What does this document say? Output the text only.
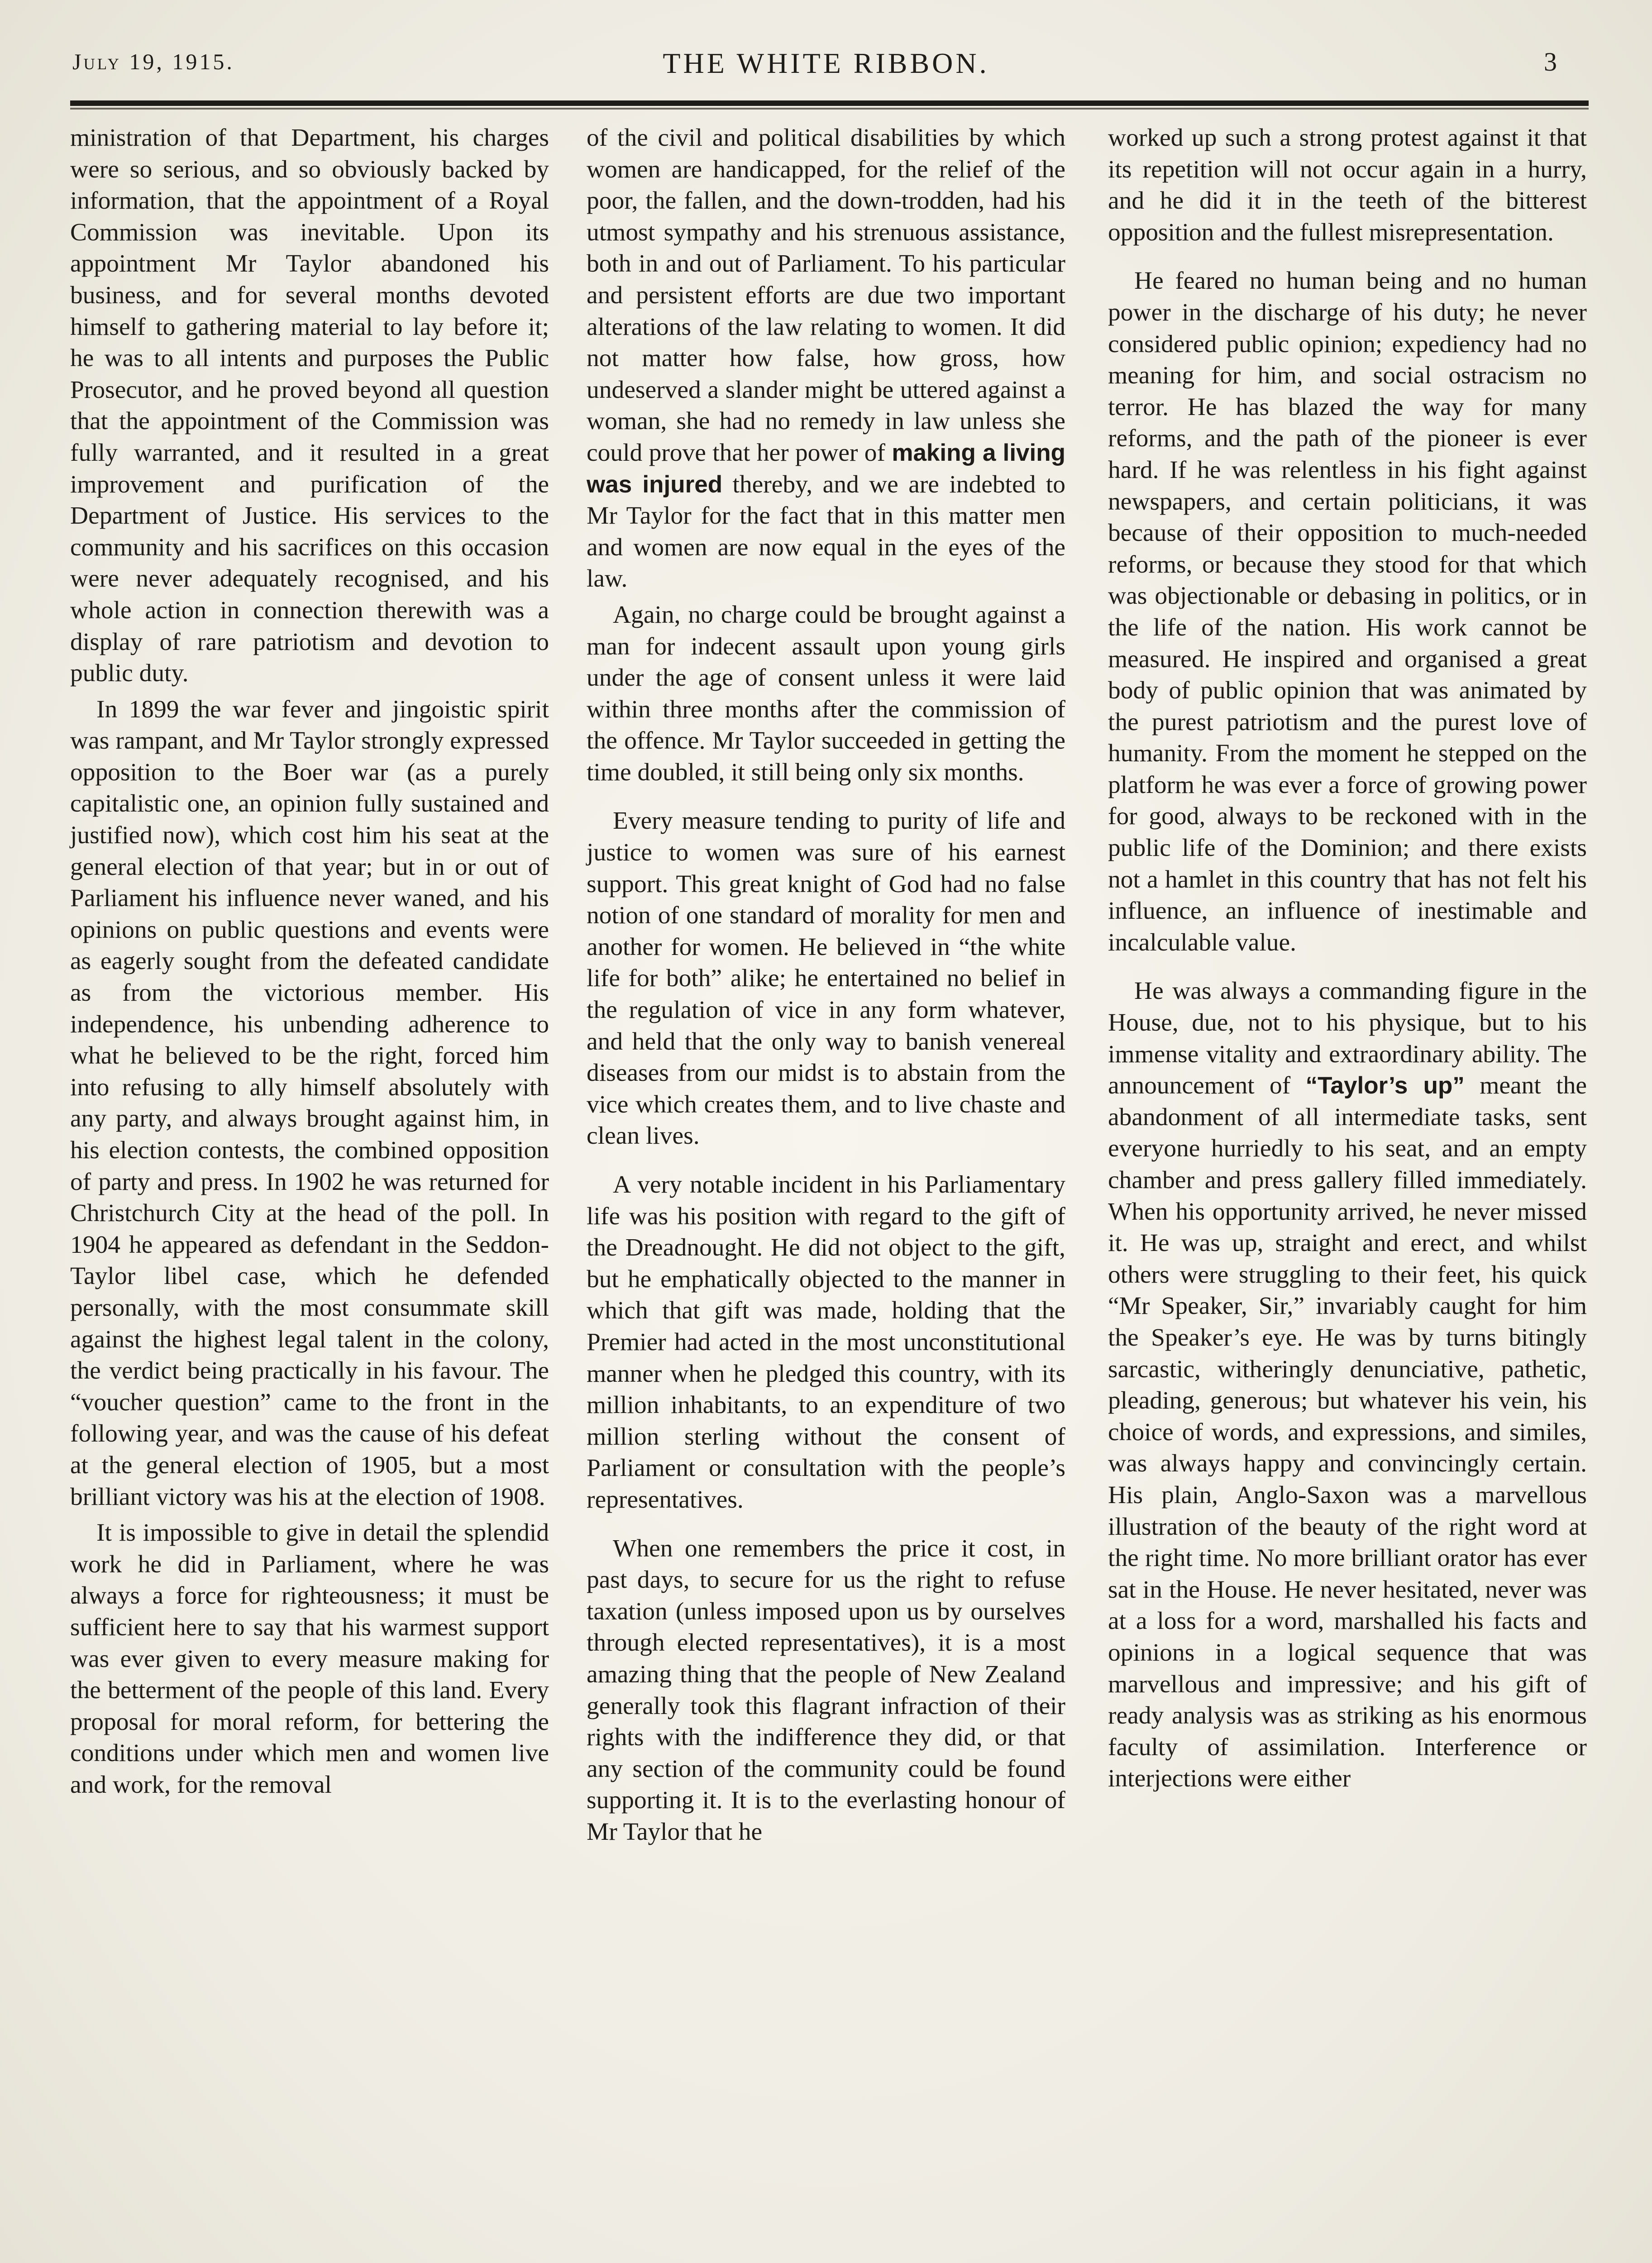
July 19, 1915.	THE WHITE RIBBON.	3

ministration of that Department, his charges were so serious, and so obviously backed by information, that the appointment of a Royal Commission was inevitable. Upon its appointment Mr Taylor abandoned his business, and for several months devoted himself to gathering material to lay before it; he was to all intents and purposes the Public Prosecutor, and he proved beyond all question that the appointment of the Commission was fully warranted, and it resulted in a great improvement and purification of the Department of Justice. His services to the community and his sacrifices on this occasion were never adequately recognised, and his whole action in connection therewith was a display of rare patriotism and devotion to public duty.

In 1899 the war fever and jingoistic spirit was rampant, and Mr Taylor strongly expressed opposition to the Boer war (as a purely capitalistic one, an opinion fully sustained and justified now), which cost him his seat at the general election of that year; but in or out of Parliament his influence never waned, and his opinions on public questions and events were as eagerly sought from the defeated candidate as from the victorious member. His independence, his unbending adherence to what he believed to be the right, forced him into refusing to ally himself absolutely with any party, and always brought against him, in his election contests, the combined opposition of party and press. In 1902 he was returned for Christchurch City at the head of the poll. In 1904 he appeared as defendant in the Seddon-Taylor libel case, which he defended personally, with the most consummate skill against the highest legal talent in the colony, the verdict being practically in his favour. The “voucher question” came to the front in the following year, and was the cause of his defeat at the general election of 1905, but a most brilliant victory was his at the election of 1908.

It is impossible to give in detail the splendid work he did in Parliament, where he was always a force for righteousness; it must be sufficient here to say that his warmest support was ever given to every measure making for the betterment of the people of this land. Every proposal for moral reform, for bettering the conditions under which men and women live and work, for the removal

of the civil and political disabilities by which women are handicapped, for the relief of the poor, the fallen, and the down-trodden, had his utmost sympathy and his strenuous assistance, both in and out of Parliament. To his particular and persistent efforts are due two important alterations of the law relating to women. It did not matter how false, how gross, how undeserved a slander might be uttered against a woman, she had no remedy in law unless she could prove that her power of making a living was injured thereby, and we are indebted to Mr Taylor for the fact that in this matter men and women are now equal in the eyes of the law.

Again, no charge could be brought against a man for indecent assault upon young girls under the age of consent unless it were laid within three months after the commission of the offence. Mr Taylor succeeded in getting the time doubled, it still being only six months.

Every measure tending to purity of life and justice to women was sure of his earnest support. This great knight of God had no false notion of one standard of morality for men and another for women. He believed in “the white life for both” alike; he entertained no belief in the regulation of vice in any form whatever, and held that the only way to banish venereal diseases from our midst is to abstain from the vice which creates them, and to live chaste and clean lives.

A very notable incident in his Parliamentary life was his position with regard to the gift of the Dreadnought. He did not object to the gift, but he emphatically objected to the manner in which that gift was made, holding that the Premier had acted in the most unconstitutional manner when he pledged this country, with its million inhabitants, to an expenditure of two million sterling without the consent of Parliament or consultation with the people’s representatives.

When one remembers the price it cost, in past days, to secure for us the right to refuse taxation (unless imposed upon us by ourselves through elected representatives), it is a most amazing thing that the people of New Zealand generally took this flagrant infraction of their rights with the indifference they did, or that any section of the community could be found supporting it. It is to the everlasting honour of Mr Taylor that he

worked up such a strong protest against it that its repetition will not occur again in a hurry, and he did it in the teeth of the bitterest opposition and the fullest misrepresentation.

He feared no human being and no human power in the discharge of his duty; he never considered public opinion; expediency had no meaning for him, and social ostracism no terror. He has blazed the way for many reforms, and the path of the pioneer is ever hard. If he was relentless in his fight against newspapers, and certain politicians, it was because of their opposition to much-needed reforms, or because they stood for that which was objectionable or debasing in politics, or in the life of the nation. His work cannot be measured. He inspired and organised a great body of public opinion that was animated by the purest patriotism and the purest love of humanity. From the moment he stepped on the platform he was ever a force of growing power for good, always to be reckoned with in the public life of the Dominion; and there exists not a hamlet in this country that has not felt his influence, an influence of inestimable and incalculable value.

He was always a commanding figure in the House, due, not to his physique, but to his immense vitality and extraordinary ability. The announcement of “Taylor’s up” meant the abandonment of all intermediate tasks, sent everyone hurriedly to his seat, and an empty chamber and press gallery filled immediately. When his opportunity arrived, he never missed it. He was up, straight and erect, and whilst others were struggling to their feet, his quick “Mr Speaker, Sir,” invariably caught for him the Speaker’s eye. He was by turns bitingly sarcastic, witheringly denunciative, pathetic, pleading, generous; but whatever his vein, his choice of words, and expressions, and similes, was always happy and convincingly certain. His plain, Anglo-Saxon was a marvellous illustration of the beauty of the right word at the right time. No more brilliant orator has ever sat in the House. He never hesitated, never was at a loss for a word, marshalled his facts and opinions in a logical sequence that was marvellous and impressive; and his gift of ready analysis was as striking as his enormous faculty of assimilation. Interference or interjections were either
